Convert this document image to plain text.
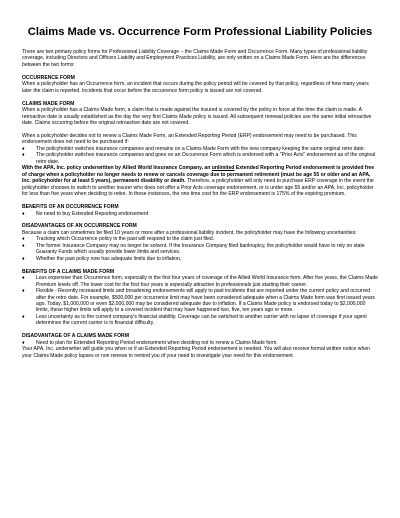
Claims Made vs. Occurrence Form Professional Liability Policies

There are two primary policy forms for Professional Liability Coverage – the Claims Made Form and Occurrence Form. Many types of professional liability coverage, including Directors and Officers Liability and Employment Practices Liability, are only written on a Claims Made Form. Here are the differences between the two forms:

OCCURRENCE FORM

When a policyholder has an Occurrence form, an incident that occurs during the policy period will be covered by that policy, regardless of how many years later the claim is reported. Incidents that occur before the occurrence form policy is issued are not covered.

CLAIMS MADE FORM

When a policyholder has a Claims Made form, a claim that is made against the insured is covered by the policy in force at the time the claim is made. A retroactive date is usually established as the day the very first Claims Made policy is issued. All subsequent renewal policies use the same initial retroactive date. Claims occurring before the original retroactive date are not covered.

When a policyholder decides not to renew a Claims Made Form, an Extended Reporting Period (ERP) endorsement may need to be purchased. This endorsement does not need to be purchased if:

♦ The policyholder switches insurance companies and remains on a Claims Made Form with the new company keeping the same original retro date.
♦ The policyholder switches insurance companies and goes on an Occurrence Form which is endorsed with a "Prior Acts" endorsement as of the original retro date.

With the APA, Inc. policy underwritten by Allied World Insurance Company, an unlimited Extended Reporting Period endorsement is provided free of charge when a policyholder no longer needs to renew or cancels coverage due to permanent retirement (must be age 55 or older and an APA, Inc. policyholder for at least 5 years), permanent disability or death. Therefore, a policyholder will only need to purchase ERP coverage in the event the policyholder chooses to switch to another insurer who does not offer a Prior Acts coverage endorsement, or is under age 55 and/or an APA, Inc. policyholder for less than five years when deciding to retire. In these instances, the one time cost for the ERP endorsement is 175% of the expiring premium.

BENEFITS OF AN OCCURRENCE FORM
♦ No need to buy Extended Reporting endorsement
DISADVANTAGES OF AN OCCURRENCE FORM

Because a claim can sometimes be filed 10 years or more after a professional liability incident, the policyholder may have the following uncertainties:

♦ Tracking which Occurrence policy in the past will respond to the claim just filed.
♦ The former Insurance Company may no longer be solvent. If the Insurance Company filed bankruptcy, the policyholder would have to rely on state Guaranty Funds which usually provide lower limits and services.
♦ Whether the past policy now has adequate limits due to inflation.
BENEFITS OF A CLAIMS MADE FORM
♦ Less expensive than Occurrence form, especially in the first four years of coverage of the Allied World Insurance form. After five years, the Claims Made Premium levels off. The lower cost for the first four years is especially attractive to professionals just starting their career.
♦ Flexible - Recently increased limits and broadening endorsements will apply to past incidents that are reported under the current policy and occurred after the retro date. For example, $500,000 per occurrence limit may have been considered adequate when a Claims Made form was first issued years ago. Today, $1,000,000 or even $2,000,000 may be considered adequate due to inflation. If a Claims Made policy is endorsed today to $2,000,000 limits, these higher limits will apply to a covered incident that may have happened two, five, ten years ago or more.
♦ Less uncertainty as to the current company's financial stability. Coverage can be switched to another carrier with no lapse of coverage if your agent determines the current carrier is in financial difficulty.
DISADVANTAGE OF A CLAIMS MADE FORM
♦ Need to plan for Extended Reporting Period endorsement when deciding not to renew a Claims Made form.

Your APA, Inc. underwriter will guide you when or if an Extended Reporting Period endorsement is needed. You will also receive formal written notice when your Claims Made policy lapses or non renews to remind you of your need to investigate your need for this endorsement.
